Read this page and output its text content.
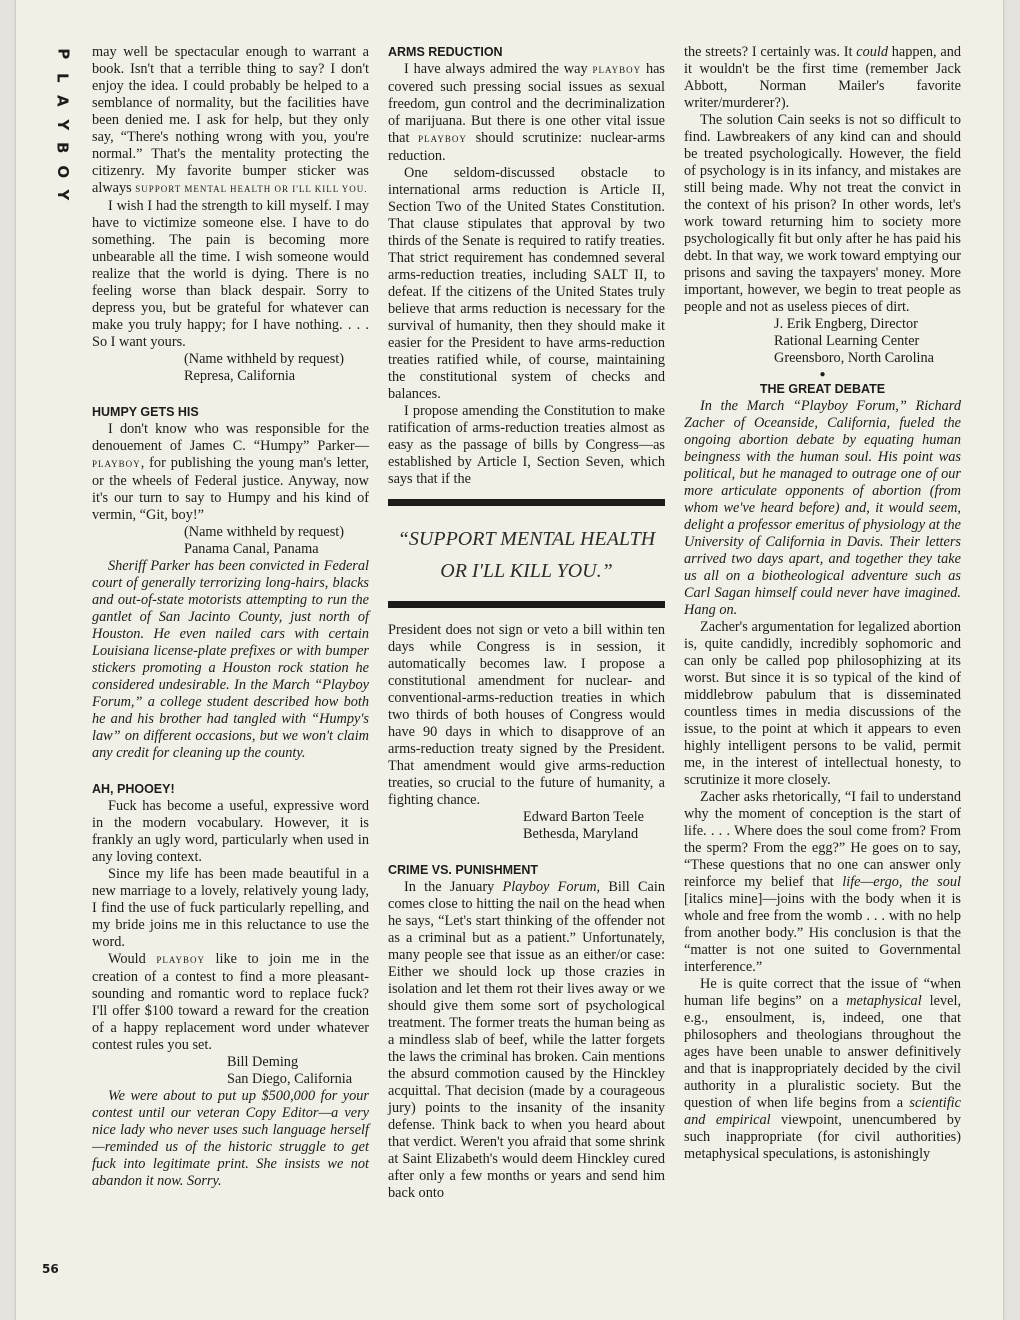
P
L
A
Y
B
O
Y
56

may well be spectacular enough to warrant a book. Isn't that a terrible thing to say? I don't enjoy the idea. I could probably be helped to a semblance of normality, but the facilities have been denied me. I ask for help, but they only say, “There's nothing wrong with you, you're normal.” That's the mentality protecting the citizenry. My favorite bumper sticker was always SUPPORT MENTAL HEALTH OR I'LL KILL YOU.

I wish I had the strength to kill myself. I may have to victimize someone else. I have to do something. The pain is becoming more unbearable all the time. I wish someone would realize that the world is dying. There is no feeling worse than black despair. Sorry to depress you, but be grateful for whatever can make you truly happy; for I have nothing. . . . So I want yours.

(Name withheld by request)

Represa, California

HUMPY GETS HIS

I don't know who was responsible for the denouement of James C. “Humpy” Parker—PLAYBOY, for publishing the young man's letter, or the wheels of Federal justice. Anyway, now it's our turn to say to Humpy and his kind of vermin, “Git, boy!”

(Name withheld by request)

Panama Canal, Panama

Sheriff Parker has been convicted in Federal court of generally terrorizing long-hairs, blacks and out-of-state motorists attempting to run the gantlet of San Jacinto County, just north of Houston. He even nailed cars with certain Louisiana license-plate prefixes or with bumper stickers promoting a Houston rock station he considered undesirable. In the March “Playboy Forum,” a college student described how both he and his brother had tangled with “Humpy's law” on different occasions, but we won't claim any credit for cleaning up the county.

AH, PHOOEY!

Fuck has become a useful, expressive word in the modern vocabulary. However, it is frankly an ugly word, particularly when used in any loving context.

Since my life has been made beautiful in a new marriage to a lovely, relatively young lady, I find the use of fuck particularly repelling, and my bride joins me in this reluctance to use the word.

Would PLAYBOY like to join me in the creation of a contest to find a more pleasant-sounding and romantic word to replace fuck? I'll offer $100 toward a reward for the creation of a happy replacement word under whatever contest rules you set.

Bill Deming

San Diego, California

We were about to put up $500,000 for your contest until our veteran Copy Editor—a very nice lady who never uses such language herself—reminded us of the historic struggle to get fuck into legitimate print. She insists we not abandon it now. Sorry.

ARMS REDUCTION

I have always admired the way PLAYBOY has covered such pressing social issues as sexual freedom, gun control and the decriminalization of marijuana. But there is one other vital issue that PLAYBOY should scrutinize: nuclear-arms reduction.

One seldom-discussed obstacle to international arms reduction is Article II, Section Two of the United States Constitution. That clause stipulates that approval by two thirds of the Senate is required to ratify treaties. That strict requirement has condemned several arms-reduction treaties, including SALT II, to defeat. If the citizens of the United States truly believe that arms reduction is necessary for the survival of humanity, then they should make it easier for the President to have arms-reduction treaties ratified while, of course, maintaining the constitutional system of checks and balances.

I propose amending the Constitution to make ratification of arms-reduction treaties almost as easy as the passage of bills by Congress—as established by Article I, Section Seven, which says that if the

“SUPPORT MENTAL HEALTH
OR I'LL KILL YOU.”

President does not sign or veto a bill within ten days while Congress is in session, it automatically becomes law. I propose a constitutional amendment for nuclear- and conventional-arms-reduction treaties in which two thirds of both houses of Congress would have 90 days in which to disapprove of an arms-reduction treaty signed by the President. That amendment would give arms-reduction treaties, so crucial to the future of humanity, a fighting chance.

Edward Barton Teele

Bethesda, Maryland

CRIME VS. PUNISHMENT

In the January Playboy Forum, Bill Cain comes close to hitting the nail on the head when he says, “Let's start thinking of the offender not as a criminal but as a patient.” Unfortunately, many people see that issue as an either/or case: Either we should lock up those crazies in isolation and let them rot their lives away or we should give them some sort of psychological treatment. The former treats the human being as a mindless slab of beef, while the latter forgets the laws the criminal has broken. Cain mentions the absurd commotion caused by the Hinckley acquittal. That decision (made by a courageous jury) points to the insanity of the insanity defense. Think back to when you heard about that verdict. Weren't you afraid that some shrink at Saint Elizabeth's would deem Hinckley cured after only a few months or years and send him back onto

the streets? I certainly was. It could happen, and it wouldn't be the first time (remember Jack Abbott, Norman Mailer's favorite writer/murderer?).

The solution Cain seeks is not so difficult to find. Lawbreakers of any kind can and should be treated psychologically. However, the field of psychology is in its infancy, and mistakes are still being made. Why not treat the convict in the context of his prison? In other words, let's work toward returning him to society more psychologically fit but only after he has paid his debt. In that way, we work toward emptying our prisons and saving the taxpayers' money. More important, however, we begin to treat people as people and not as useless pieces of dirt.

J. Erik Engberg, Director

Rational Learning Center

Greensboro, North Carolina

●
THE GREAT DEBATE

In the March “Playboy Forum,” Richard Zacher of Oceanside, California, fueled the ongoing abortion debate by equating human beingness with the human soul. His point was political, but he managed to outrage one of our more articulate opponents of abortion (from whom we've heard before) and, it would seem, delight a professor emeritus of physiology at the University of California in Davis. Their letters arrived two days apart, and together they take us all on a biotheological adventure such as Carl Sagan himself could never have imagined. Hang on.

Zacher's argumentation for legalized abortion is, quite candidly, incredibly sophomoric and can only be called pop philosophizing at its worst. But since it is so typical of the kind of middlebrow pabulum that is disseminated countless times in media discussions of the issue, to the point at which it appears to even highly intelligent persons to be valid, permit me, in the interest of intellectual honesty, to scrutinize it more closely.

Zacher asks rhetorically, “I fail to understand why the moment of conception is the start of life. . . . Where does the soul come from? From the sperm? From the egg?” He goes on to say, “These questions that no one can answer only reinforce my belief that life—ergo, the soul [italics mine]—joins with the body when it is whole and free from the womb . . . with no help from another body.” His conclusion is that the “matter is not one suited to Governmental interference.”

He is quite correct that the issue of “when human life begins” on a metaphysical level, e.g., ensoulment, is, indeed, one that philosophers and theologians throughout the ages have been unable to answer definitively and that is inappropriately decided by the civil authority in a pluralistic society. But the question of when life begins from a scientific and empirical viewpoint, unencumbered by such inappropriate (for civil authorities) metaphysical speculations, is astonishingly
